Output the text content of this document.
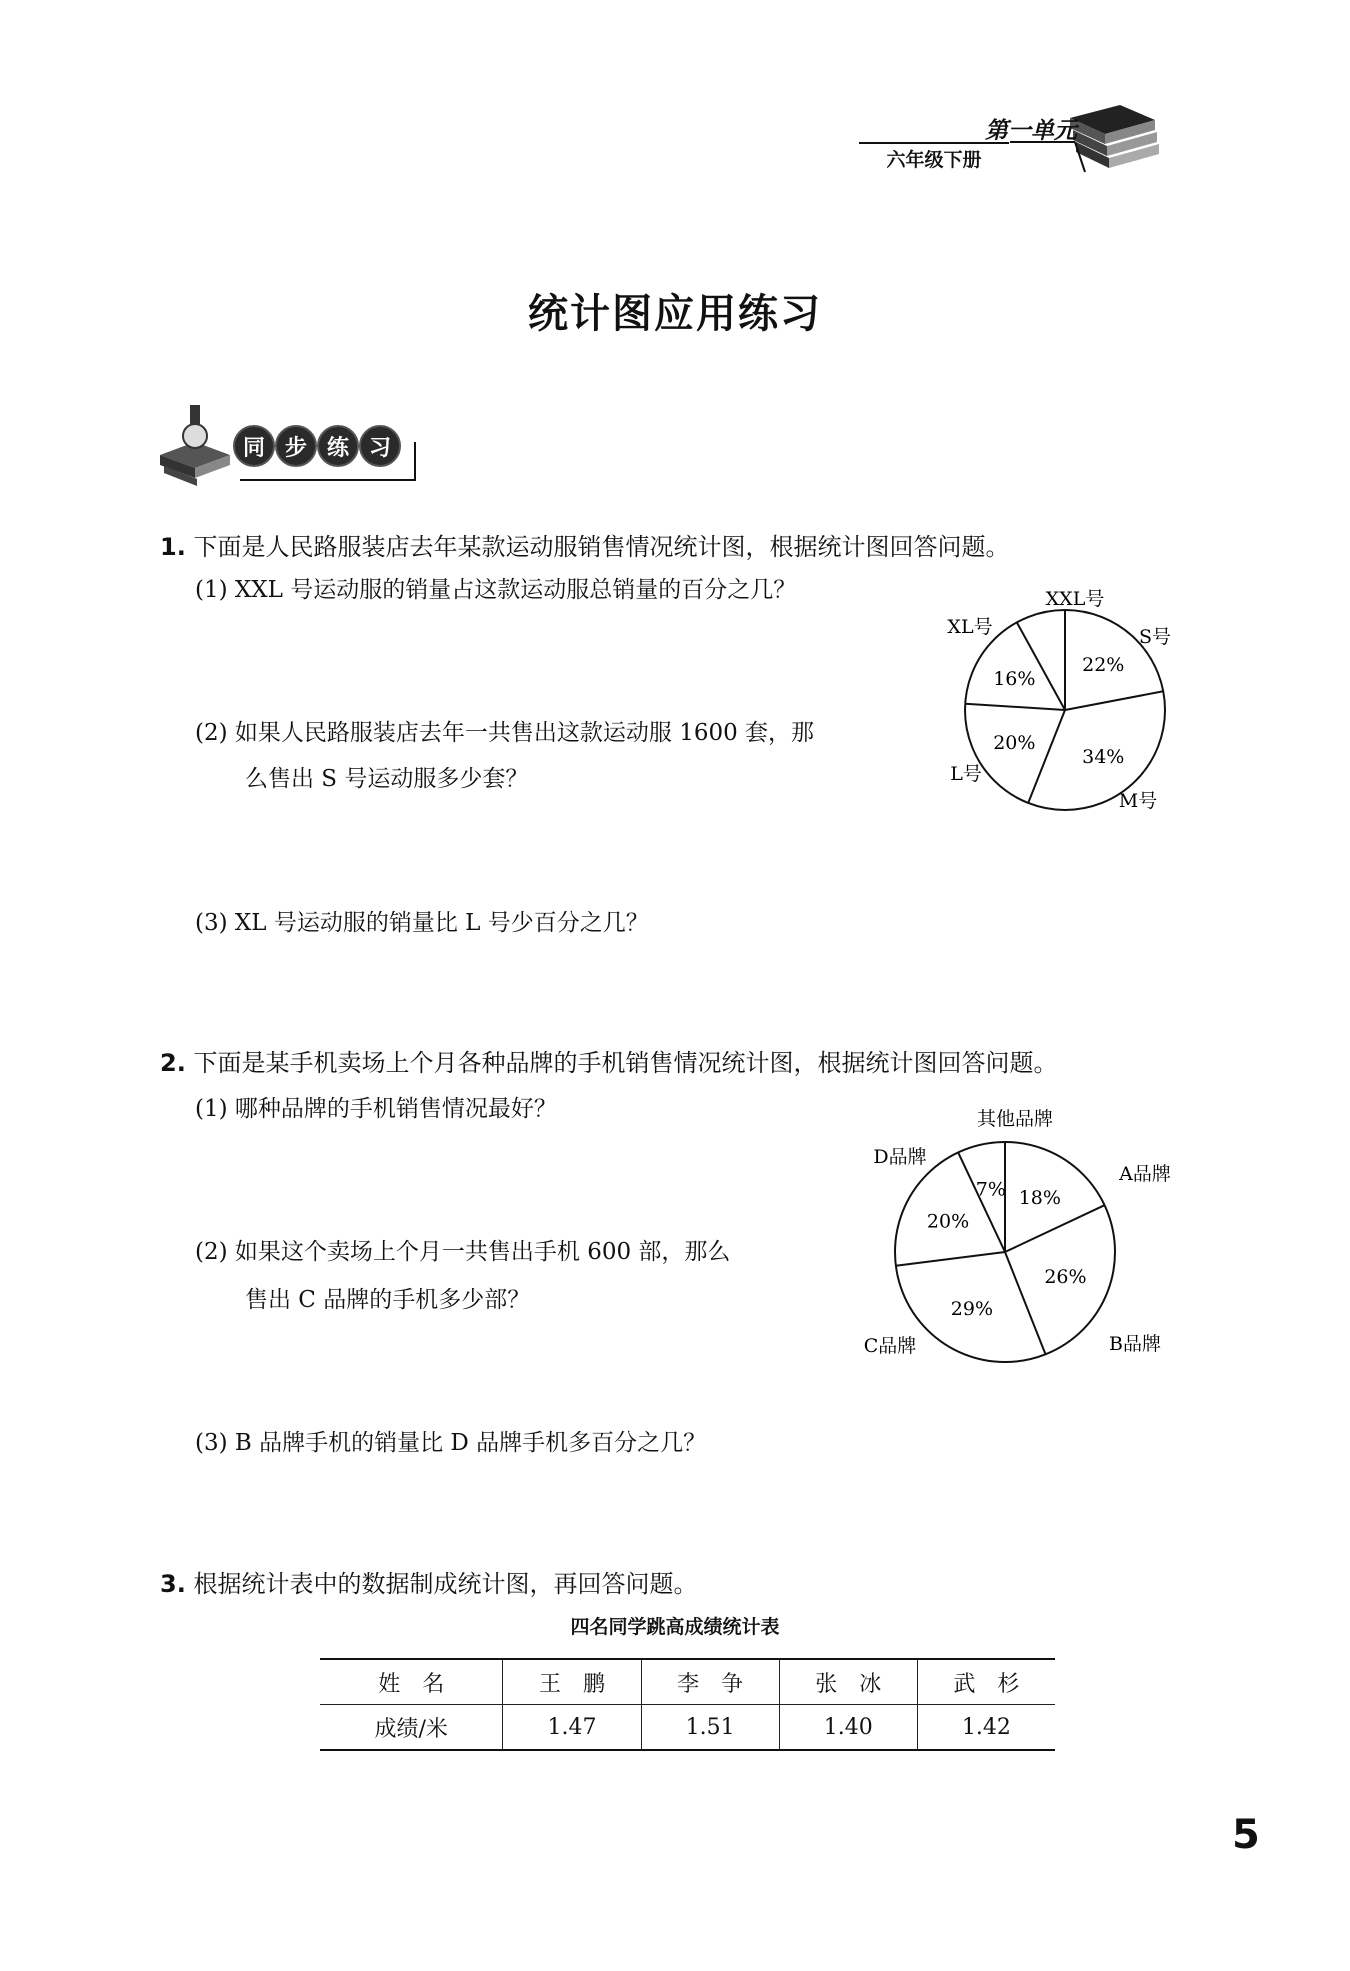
第一单元
六年级下册
统计图应用练习
同 步 练 习
1. 下面是人民路服装店去年某款运动服销售情况统计图，根据统计图回答问题。
(1) XXL 号运动服的销量占这款运动服总销量的百分之几？
(2) 如果人民路服装店去年一共售出这款运动服 1600 套，那
么售出 S 号运动服多少套？
(3) XL 号运动服的销量比 L 号少百分之几？
22%
S号
34%
M号
20%
L号
16%
XL号
XXL号
2. 下面是某手机卖场上个月各种品牌的手机销售情况统计图，根据统计图回答问题。
(1) 哪种品牌的手机销售情况最好？
(2) 如果这个卖场上个月一共售出手机 600 部，那么
售出 C 品牌的手机多少部？
(3) B 品牌手机的销量比 D 品牌手机多百分之几？
18%
A品牌
26%
B品牌
29%
C品牌
20%
D品牌
7%
其他品牌
3. 根据统计表中的数据制成统计图，再回答问题。
四名同学跳高成绩统计表
姓　名	王　鹏	李　争	张　冰	武　杉
成绩/米	1.47	1.51	1.40	1.42
5
